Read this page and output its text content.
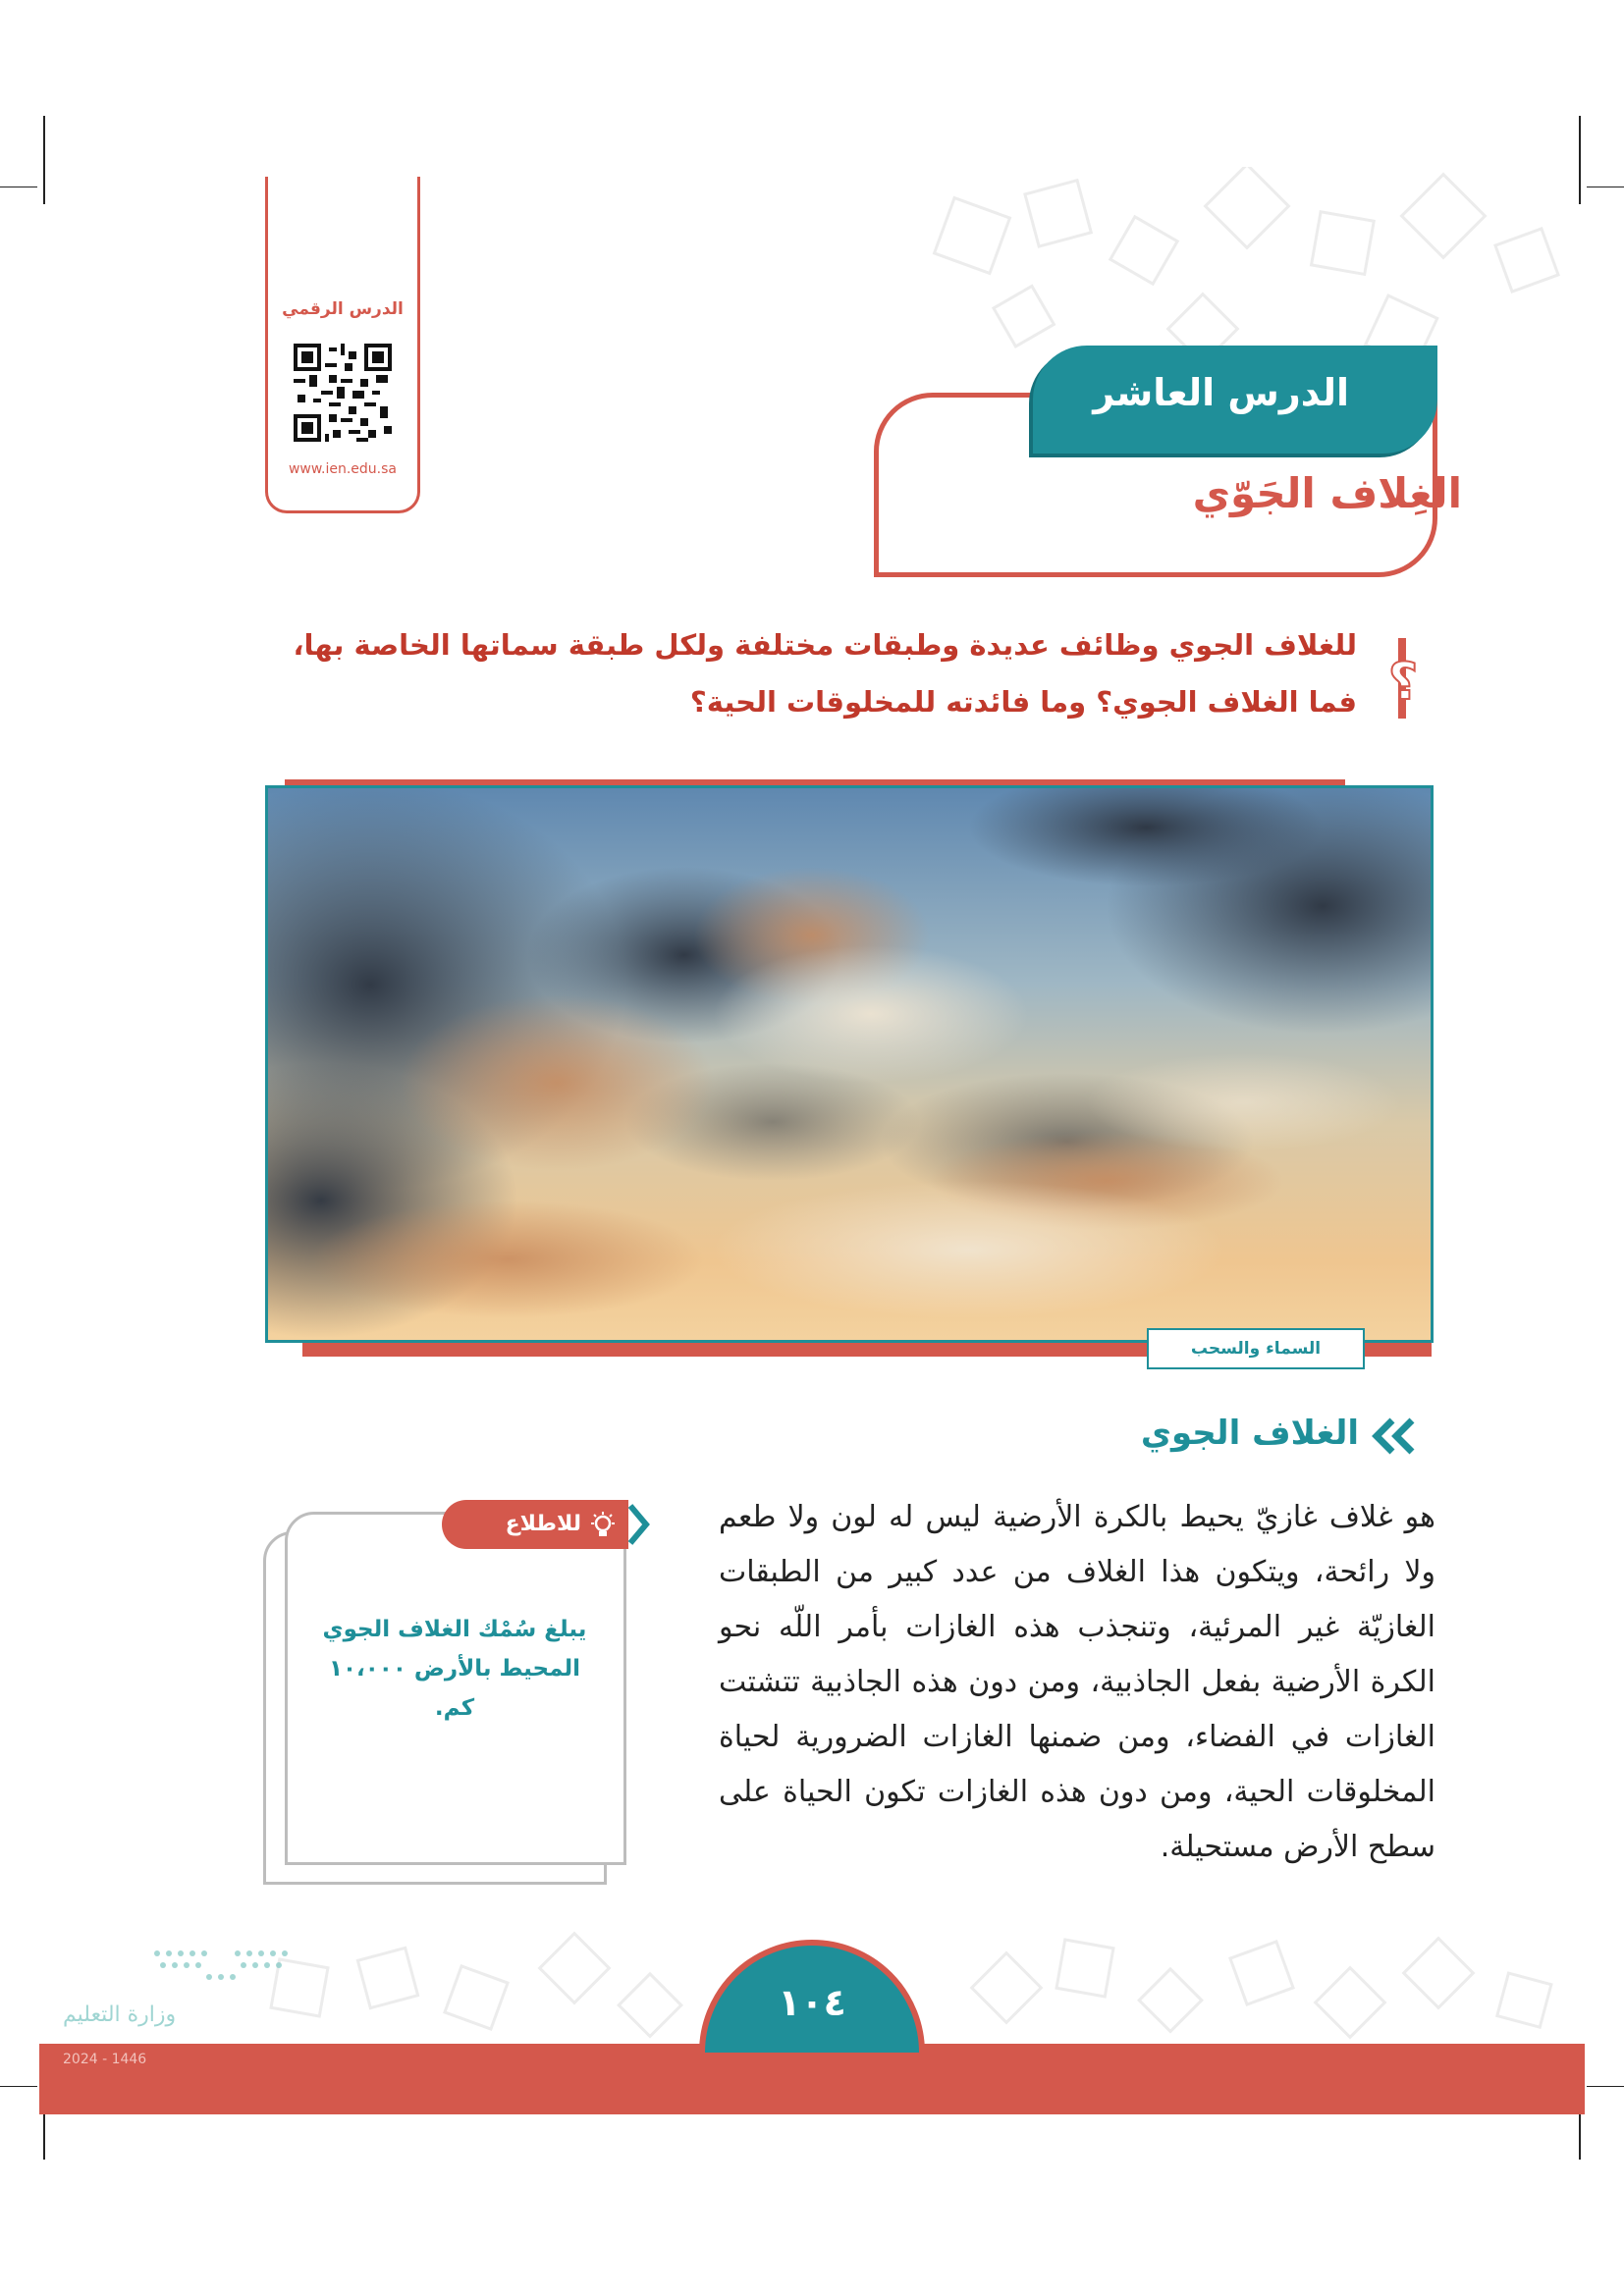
الدرس الرقمي
www.ien.edu.sa
الدرس العاشر
الغِلاف الجَوّي
؟
للغلاف الجوي وظائف عديدة وطبقات مختلفة ولكل طبقة سماتها الخاصة بها،
فما الغلاف الجوي؟ وما فائدته للمخلوقات الحية؟
السماء والسحب
الغلاف الجوي
هو غلاف غازيّ يحيط بالكرة الأرضية ليس له لون ولا طعم ولا رائحة، ويتكون هذا الغلاف من عدد كبير من الطبقات الغازيّة غير المرئية، وتنجذب هذه الغازات بأمر اللّه نحو الكرة الأرضية بفعل الجاذبية، ومن دون هذه الجاذبية تتشتت الغازات في الفضاء، ومن ضمنها الغازات الضرورية لحياة المخلوقات الحية، ومن دون هذه الغازات تكون الحياة على سطح الأرض مستحيلة.
للاطلاع
يبلغ سُمْك الغلاف الجوي المحيط بالأرض ١٠،٠٠٠ كم.
وزارة التعليم
2024 - 1446
١٠٤
